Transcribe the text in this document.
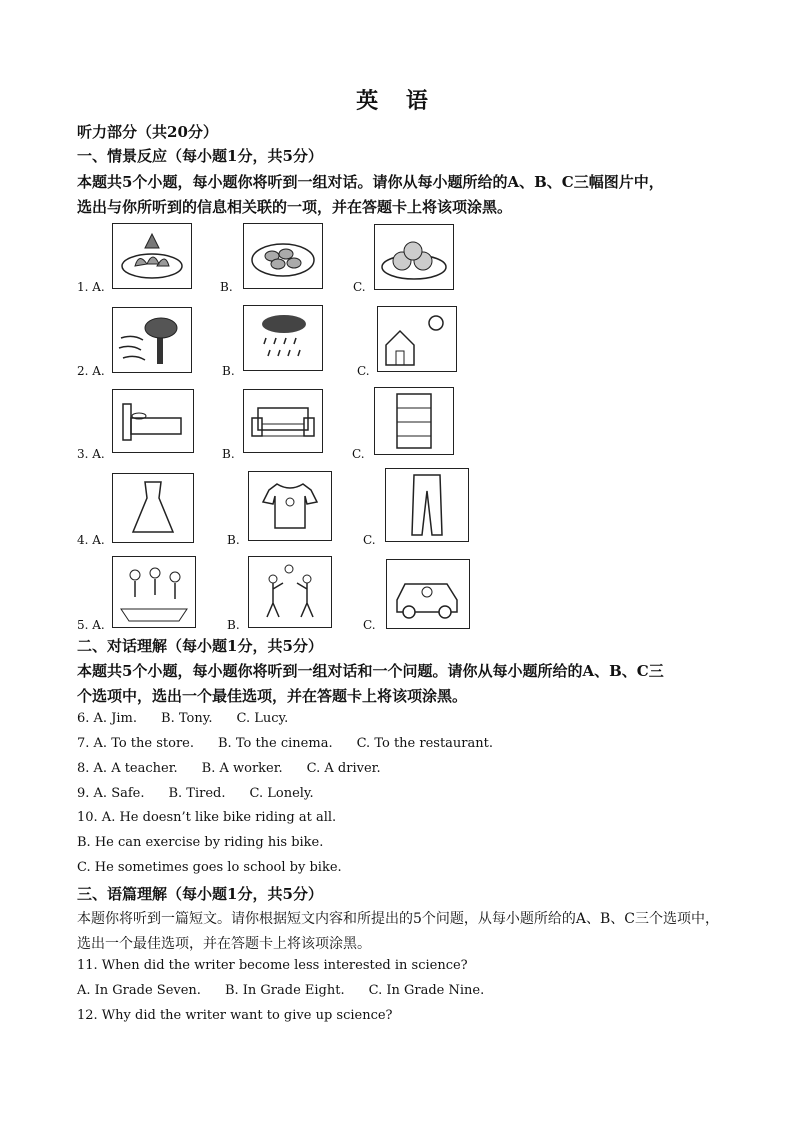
英 语
听力部分（共20分）
一、情景反应（每小题1分，共5分）
本题共5个小题，每小题你将听到一组对话。请你从每小题所给的A、B、C三幅图片中，
选出与你所听到的信息相关联的一项，并在答题卡上将该项涂黑。
1. A.	B.	C.
2. A.	B.	C.
3. A.	B.	C.
4. A.	B.	C.
5. A.	B.	C.
二、对话理解（每小题1分，共5分）
本题共5个小题，每小题你将听到一组对话和一个问题。请你从每小题所给的A、B、C三
个选项中，选出一个最佳选项，并在答题卡上将该项涂黑。
6. A. Jim. B. Tony. C. Lucy.
7. A. To the store. B. To the cinema. C. To the restaurant.
8. A. A teacher. B. A worker. C. A driver.
9. A. Safe. B. Tired. C. Lonely.
10. A. He doesn’t like bike riding at all.
B. He can exercise by riding his bike.
C. He sometimes goes lo school by bike.
三、语篇理解（每小题1分，共5分）
本题你将听到一篇短文。请你根据短文内容和所提出的5个问题，从每小题所给的A、B、C三个选项中，
选出一个最佳选项，并在答题卡上将该项涂黑。
11. When did the writer become less interested in science?
A. In Grade Seven. B. In Grade Eight. C. In Grade Nine.
12. Why did the writer want to give up science?
